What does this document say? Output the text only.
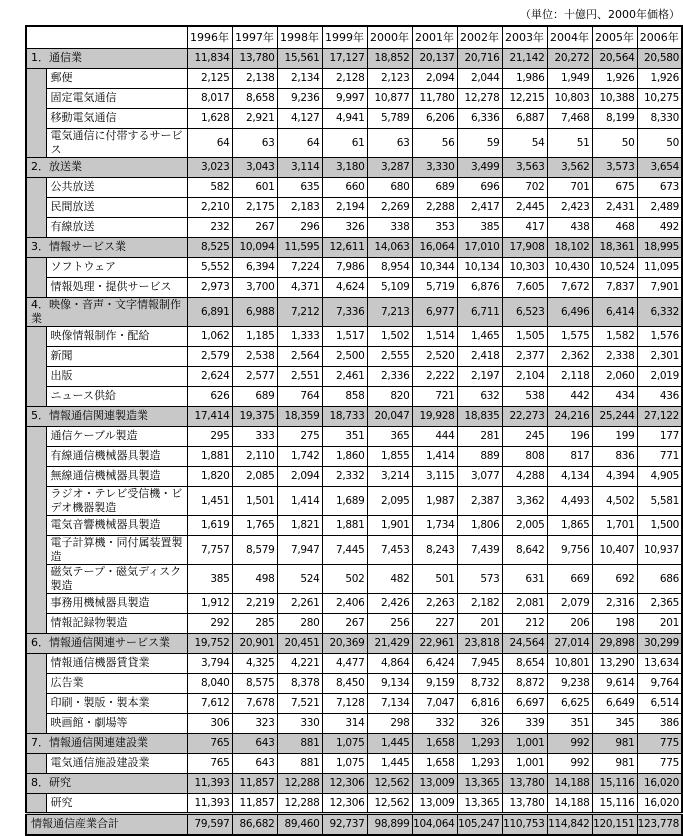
（単位：十億円、2000年価格）
		1996年	1997年	1998年	1999年	2000年	2001年	2002年	2003年	2004年	2005年	2006年
1．通信業		11,834	13,780	15,561	17,127	18,852	20,137	20,716	21,142	20,272	20,564	20,580
	郵便	2,125	2,138	2,134	2,128	2,123	2,094	2,044	1,986	1,949	1,926	1,926
	固定電気通信	8,017	8,658	9,236	9,997	10,877	11,780	12,278	12,215	10,803	10,388	10,275
	移動電気通信	1,628	2,921	4,127	4,941	5,789	6,206	6,336	6,887	7,468	8,199	8,330
	電気通信に付帯するサービス	64	63	64	61	63	56	59	54	51	50	50
2．放送業		3,023	3,043	3,114	3,180	3,287	3,330	3,499	3,563	3,562	3,573	3,654
	公共放送	582	601	635	660	680	689	696	702	701	675	673
	民間放送	2,210	2,175	2,183	2,194	2,269	2,288	2,417	2,445	2,423	2,431	2,489
	有線放送	232	267	296	326	338	353	385	417	438	468	492
3．情報サービス業		8,525	10,094	11,595	12,611	14,063	16,064	17,010	17,908	18,102	18,361	18,995
	ソフトウェア	5,552	6,394	7,224	7,986	8,954	10,344	10,134	10,303	10,430	10,524	11,095
	情報処理・提供サービス	2,973	3,700	4,371	4,624	5,109	5,719	6,876	7,605	7,672	7,837	7,901
4．映像・音声・文字情報制作業		6,891	6,988	7,212	7,336	7,213	6,977	6,711	6,523	6,496	6,414	6,332
	映像情報制作・配給	1,062	1,185	1,333	1,517	1,502	1,514	1,465	1,505	1,575	1,582	1,576
	新聞	2,579	2,538	2,564	2,500	2,555	2,520	2,418	2,377	2,362	2,338	2,301
	出版	2,624	2,577	2,551	2,461	2,336	2,222	2,197	2,104	2,118	2,060	2,019
	ニュース供給	626	689	764	858	820	721	632	538	442	434	436
5．情報通信関連製造業		17,414	19,375	18,359	18,733	20,047	19,928	18,835	22,273	24,216	25,244	27,122
	通信ケーブル製造	295	333	275	351	365	444	281	245	196	199	177
	有線通信機械器具製造	1,881	2,110	1,742	1,860	1,855	1,414	889	808	817	836	771
	無線通信機械器具製造	1,820	2,085	2,094	2,332	3,214	3,115	3,077	4,288	4,134	4,394	4,905
	ラジオ・テレビ受信機・ビデオ機器製造	1,451	1,501	1,414	1,689	2,095	1,987	2,387	3,362	4,493	4,502	5,581
	電気音響機械器具製造	1,619	1,765	1,821	1,881	1,901	1,734	1,806	2,005	1,865	1,701	1,500
	電子計算機・同付属装置製造	7,757	8,579	7,947	7,445	7,453	8,243	7,439	8,642	9,756	10,407	10,937
	磁気テープ・磁気ディスク製造	385	498	524	502	482	501	573	631	669	692	686
	事務用機械器具製造	1,912	2,219	2,261	2,406	2,426	2,263	2,182	2,081	2,079	2,316	2,365
	情報記録物製造	292	285	280	267	256	227	201	212	206	198	201
6．情報通信関連サービス業		19,752	20,901	20,451	20,369	21,429	22,961	23,818	24,564	27,014	29,898	30,299
	情報通信機器賃貸業	3,794	4,325	4,221	4,477	4,864	6,424	7,945	8,654	10,801	13,290	13,634
	広告業	8,040	8,575	8,378	8,450	9,134	9,159	8,732	8,872	9,238	9,614	9,764
	印刷・製版・製本業	7,612	7,678	7,521	7,128	7,134	7,047	6,816	6,697	6,625	6,649	6,514
	映画館・劇場等	306	323	330	314	298	332	326	339	351	345	386
7．情報通信関連建設業		765	643	881	1,075	1,445	1,658	1,293	1,001	992	981	775
	電気通信施設建設業	765	643	881	1,075	1,445	1,658	1,293	1,001	992	981	775
8．研究		11,393	11,857	12,288	12,306	12,562	13,009	13,365	13,780	14,188	15,116	16,020
	研究	11,393	11,857	12,288	12,306	12,562	13,009	13,365	13,780	14,188	15,116	16,020
情報通信産業合計		79,597	86,682	89,460	92,737	98,899	104,064	105,247	110,753	114,842	120,151	123,778
